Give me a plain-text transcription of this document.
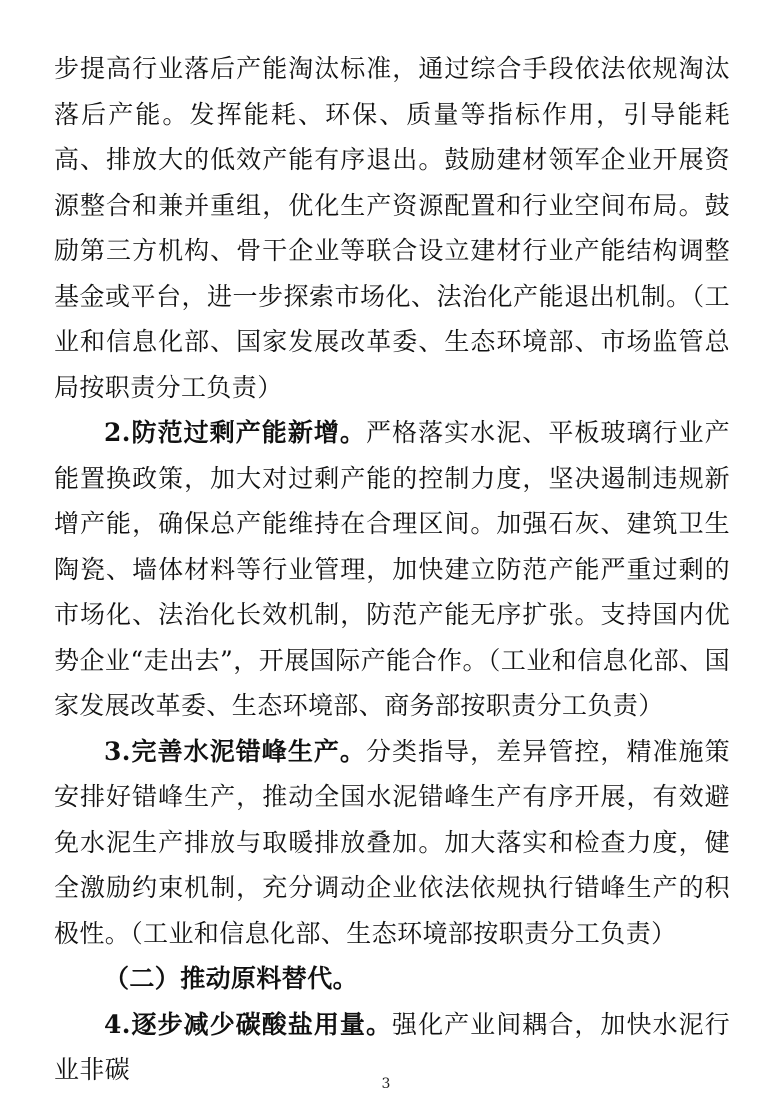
步提高行业落后产能淘汰标准，通过综合手段依法依规淘汰落后产能。发挥能耗、环保、质量等指标作用，引导能耗高、排放大的低效产能有序退出。鼓励建材领军企业开展资源整合和兼并重组，优化生产资源配置和行业空间布局。鼓励第三方机构、骨干企业等联合设立建材行业产能结构调整基金或平台，进一步探索市场化、法治化产能退出机制。（工业和信息化部、国家发展改革委、生态环境部、市场监管总局按职责分工负责）

2.防范过剩产能新增。严格落实水泥、平板玻璃行业产能置换政策，加大对过剩产能的控制力度，坚决遏制违规新增产能，确保总产能维持在合理区间。加强石灰、建筑卫生陶瓷、墙体材料等行业管理，加快建立防范产能严重过剩的市场化、法治化长效机制，防范产能无序扩张。支持国内优势企业“走出去”，开展国际产能合作。（工业和信息化部、国家发展改革委、生态环境部、商务部按职责分工负责）

3.完善水泥错峰生产。分类指导，差异管控，精准施策安排好错峰生产，推动全国水泥错峰生产有序开展，有效避免水泥生产排放与取暖排放叠加。加大落实和检查力度，健全激励约束机制，充分调动企业依法依规执行错峰生产的积极性。（工业和信息化部、生态环境部按职责分工负责）

（二）推动原料替代。

4.逐步减少碳酸盐用量。强化产业间耦合，加快水泥行业非碳	3
